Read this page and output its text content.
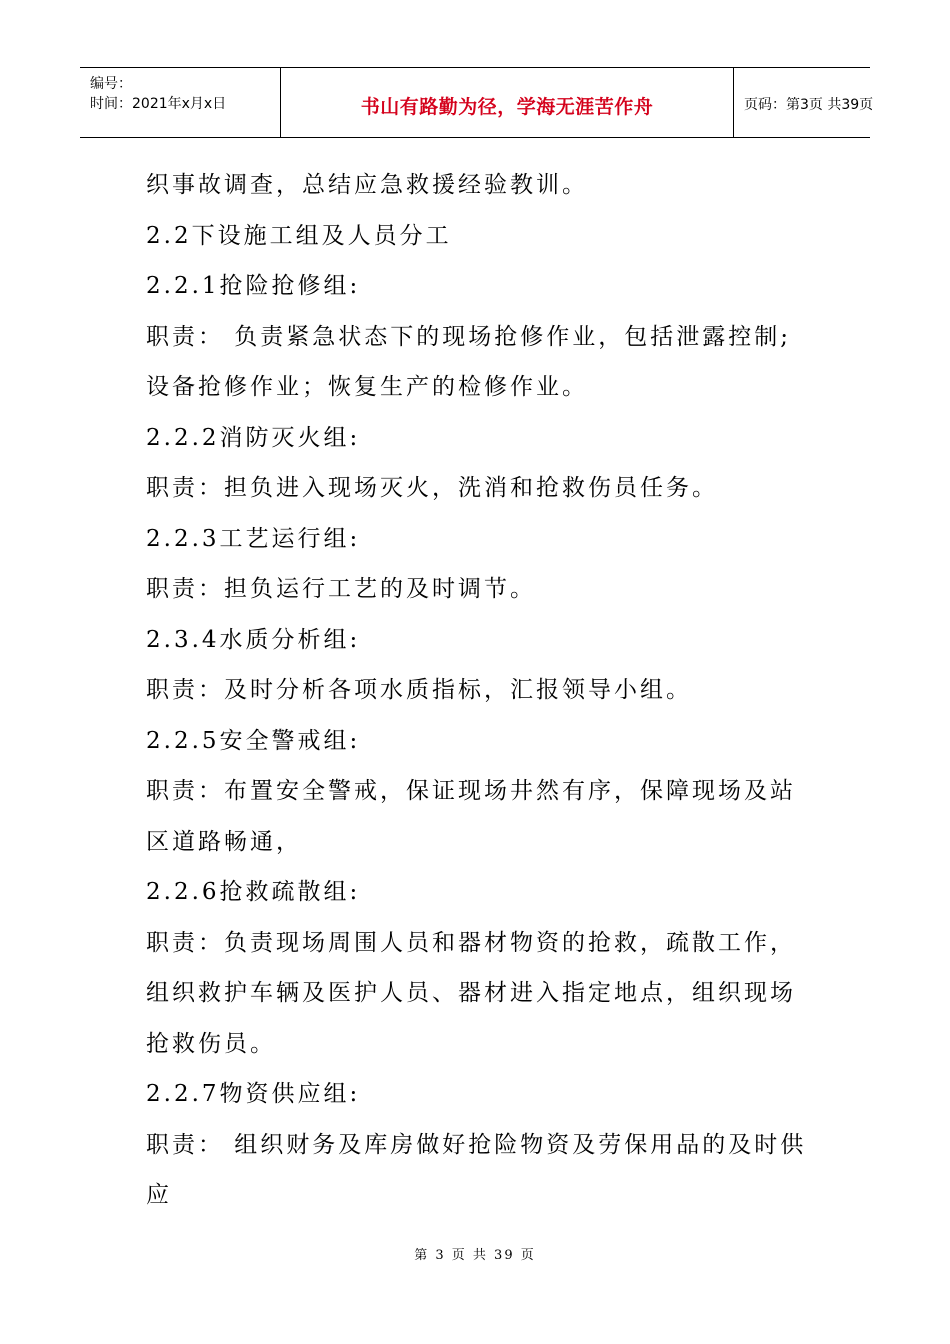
编号：
时间：2021年x月x日	书山有路勤为径，学海无涯苦作舟	页码：第3页 共39页

织事故调查，总结应急救援经验教训。

2.2下设施工组及人员分工

2.2.1抢险抢修组:

职责： 负责紧急状态下的现场抢修作业，包括泄露控制;

设备抢修作业；恢复生产的检修作业。

2.2.2消防灭火组:

职责：担负进入现场灭火，洗消和抢救伤员任务。

2.2.3工艺运行组:

职责：担负运行工艺的及时调节。

2.3.4水质分析组:

职责：及时分析各项水质指标，汇报领导小组。

2.2.5安全警戒组:

职责：布置安全警戒，保证现场井然有序，保障现场及站

区道路畅通，

2.2.6抢救疏散组:

职责：负责现场周围人员和器材物资的抢救，疏散工作，

组织救护车辆及医护人员、器材进入指定地点，组织现场

抢救伤员。

2.2.7物资供应组:

职责： 组织财务及库房做好抢险物资及劳保用品的及时供

应

第 3 页 共 39 页
